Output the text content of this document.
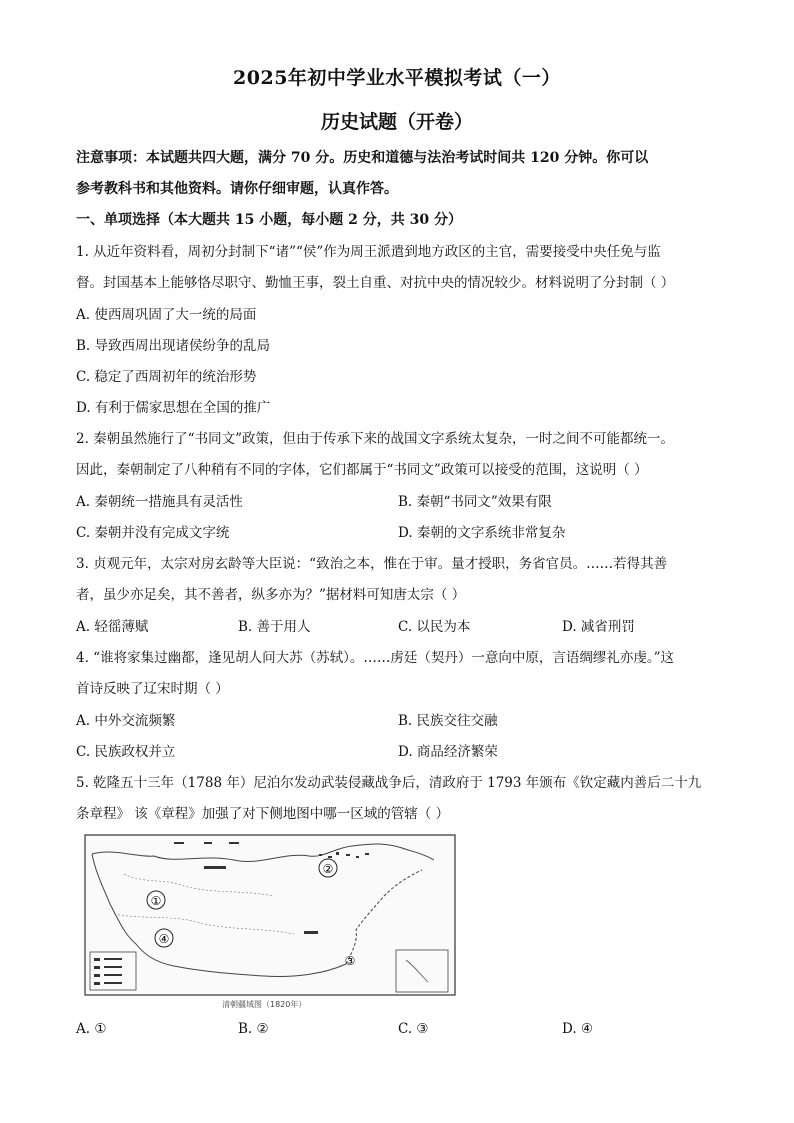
2025年初中学业水平模拟考试（一）
历史试题（开卷）
注意事项：本试题共四大题，满分 70 分。历史和道德与法治考试时间共 120 分钟。你可以
参考教科书和其他资料。请你仔细审题，认真作答。
一、单项选择（本大题共 15 小题，每小题 2 分，共 30 分）
1. 从近年资料看，周初分封制下“诸”“侯”作为周王派遣到地方政区的主官，需要接受中央任免与监
督。封国基本上能够恪尽职守、勤恤王事，裂土自重、对抗中央的情况较少。材料说明了分封制（ ）
A. 使西周巩固了大一统的局面
B. 导致西周出现诸侯纷争的乱局
C. 稳定了西周初年的统治形势
D. 有利于儒家思想在全国的推广
2. 秦朝虽然施行了“书同文”政策，但由于传承下来的战国文字系统太复杂，一时之间不可能都统一。
因此，秦朝制定了八种稍有不同的字体，它们都属于“书同文”政策可以接受的范围，这说明（ ）
A. 秦朝统一措施具有灵活性	B. 秦朝“书同文”效果有限
C. 秦朝并没有完成文字统	D. 秦朝的文字系统非常复杂
3. 贞观元年，太宗对房玄龄等大臣说：“致治之本，惟在于审。量才授职，务省官员。……若得其善
者，虽少亦足矣，其不善者，纵多亦为？”据材料可知唐太宗（ ）
A. 轻徭薄赋	B. 善于用人	C. 以民为本	D. 减省刑罚
4. “谁将家集过幽都，逢见胡人问大苏（苏轼）。……虏廷（契丹）一意向中原，言语绸缪礼亦虔。”这
首诗反映了辽宋时期（ ）
A. 中外交流频繁	B. 民族交往交融
C. 民族政权并立	D. 商品经济繁荣
5. 乾隆五十三年（1788 年）尼泊尔发动武装侵藏战争后，清政府于 1793 年颁布《钦定藏内善后二十九
条章程》 该《章程》加强了对下侧地图中哪一区域的管辖（ ）
①
②
③
④
清朝疆域图（1820年）
A. ①	B. ②	C. ③	D. ④
